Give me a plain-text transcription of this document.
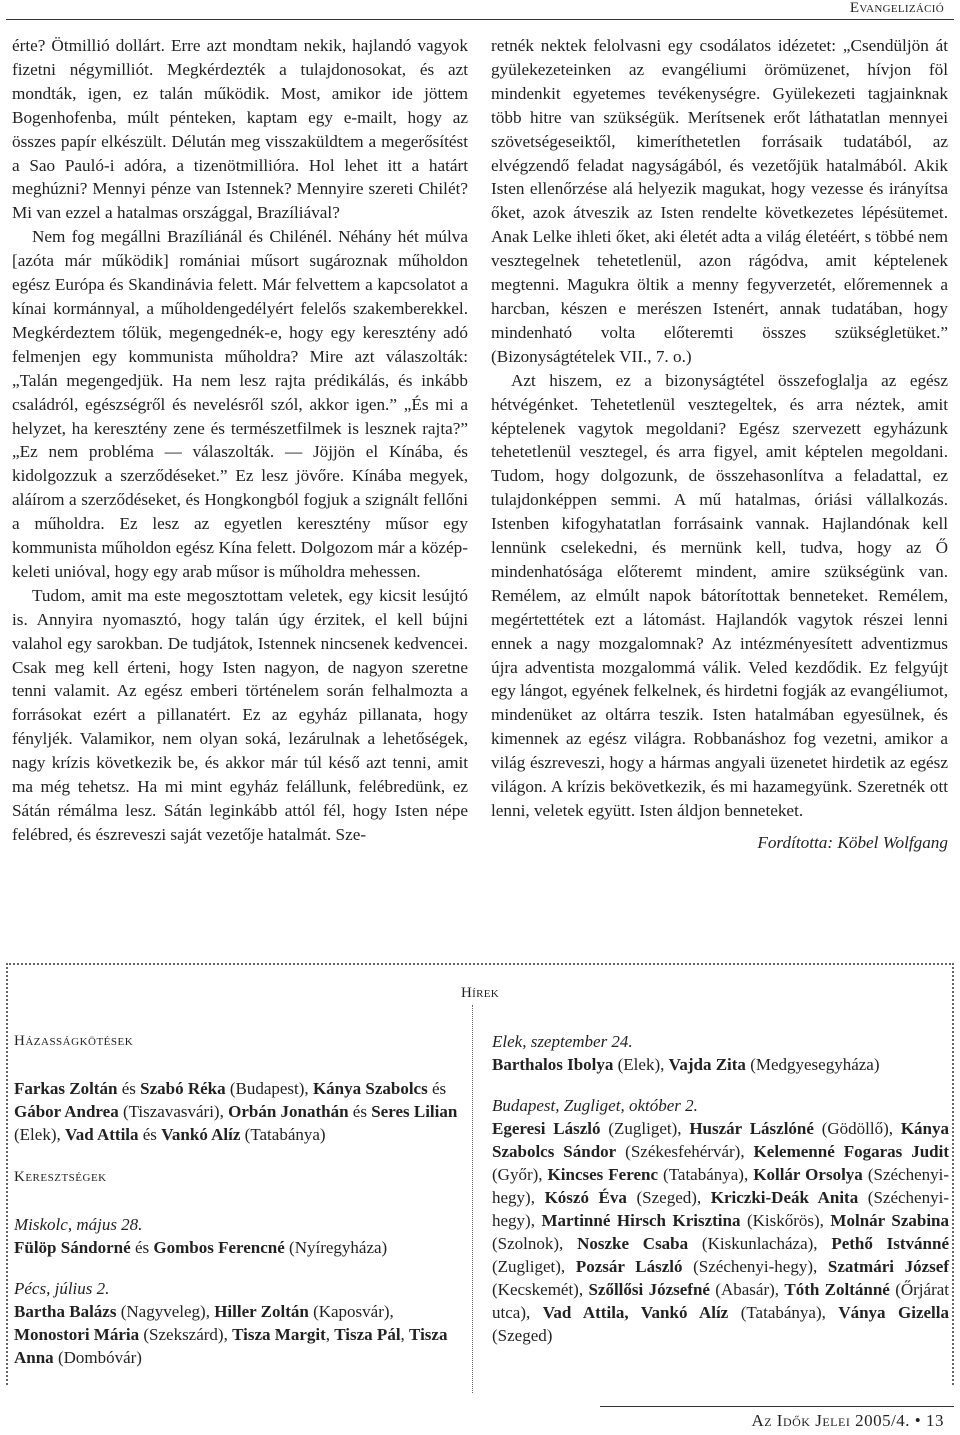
Evangelizáció

érte? Ötmillió dollárt. Erre azt mondtam nekik, hajlandó vagyok fizetni négymilliót. Megkérdezték a tulajdonosokat, és azt mondták, igen, ez talán működik. Most, amikor ide jöttem Bogenhofenba, múlt pénteken, kaptam egy e-mailt, hogy az összes papír elkészült. Délután meg visszaküldtem a megerősítést a Sao Pauló-i adóra, a tizenötmillióra. Hol lehet itt a határt meghúzni? Mennyi pénze van Istennek? Mennyire szereti Chilét? Mi van ezzel a hatalmas országgal, Brazíliával?

Nem fog megállni Brazíliánál és Chilénél. Néhány hét múlva [azóta már működik] romániai műsort sugároznak műholdon egész Európa és Skandinávia felett. Már felvettem a kapcsolatot a kínai kormánnyal, a műholdengedélyért felelős szakemberekkel. Megkérdeztem tőlük, megengednék-e, hogy egy keresztény adó felmenjen egy kommunista műholdra? Mire azt válaszolták: „Talán megengedjük. Ha nem lesz rajta prédikálás, és inkább családról, egészségről és nevelésről szól, akkor igen.” „És mi a helyzet, ha keresztény zene és természetfilmek is lesznek rajta?” „Ez nem probléma — válaszolták. — Jöjjön el Kínába, és kidolgozzuk a szerződéseket.” Ez lesz jövőre. Kínába megyek, aláírom a szerződéseket, és Hongkongból fogjuk a szignált fellőni a műholdra. Ez lesz az egyetlen keresztény műsor egy kommunista műholdon egész Kína felett. Dolgozom már a közép-keleti unióval, hogy egy arab műsor is műholdra mehessen.

Tudom, amit ma este megosztottam veletek, egy kicsit lesújtó is. Annyira nyomasztó, hogy talán úgy érzitek, el kell bújni valahol egy sarokban. De tudjátok, Istennek nincsenek kedvencei. Csak meg kell érteni, hogy Isten nagyon, de nagyon szeretne tenni valamit. Az egész emberi történelem során felhalmozta a forrásokat ezért a pillanatért. Ez az egyház pillanata, hogy fényljék. Valamikor, nem olyan soká, lezárulnak a lehetőségek, nagy krízis következik be, és akkor már túl késő azt tenni, amit ma még tehetsz. Ha mi mint egyház felállunk, felébredünk, ez Sátán rémálma lesz. Sátán leginkább attól fél, hogy Isten népe felébred, és észreveszi saját vezetője hatalmát. Sze-

retnék nektek felolvasni egy csodálatos idézetet: „Csendüljön át gyülekezeteinken az evangéliumi örömüzenet, hívjon föl mindenkit egyetemes tevékenységre. Gyülekezeti tagjainknak több hitre van szükségük. Merítsenek erőt láthatatlan mennyei szövetségeseiktől, kimeríthetetlen forrásaik tudatából, az elvégzendő feladat nagyságából, és vezetőjük hatalmából. Akik Isten ellenőrzése alá helyezik magukat, hogy vezesse és irányítsa őket, azok átveszik az Isten rendelte következetes lépésütemet. Anak Lelke ihleti őket, aki életét adta a világ életéért, s többé nem vesztegelnek tehetetlenül, azon rágódva, amit képtelenek megtenni. Magukra öltik a menny fegyverzetét, előremennek a harcban, készen e merészen Istenért, annak tudatában, hogy mindenható volta előteremti összes szükségletüket.” (Bizonyságtételek VII., 7. o.)

Azt hiszem, ez a bizonyságtétel összefoglalja az egész hétvégénket. Tehetetlenül vesztegeltek, és arra néztek, amit képtelenek vagytok megoldani? Egész szervezett egyházunk tehetetlenül vesztegel, és arra figyel, amit képtelen megoldani. Tudom, hogy dolgozunk, de összehasonlítva a feladattal, ez tulajdonképpen semmi. A mű hatalmas, óriási vállalkozás. Istenben kifogyhatatlan forrásaink vannak. Hajlandónak kell lennünk cselekedni, és mernünk kell, tudva, hogy az Ő mindenhatósága előteremt mindent, amire szükségünk van. Remélem, az elmúlt napok bátorítottak benneteket. Remélem, megértettétek ezt a látomást. Hajlandók vagytok részei lenni ennek a nagy mozgalomnak? Az intézményesített adventizmus újra adventista mozgalommá válik. Veled kezdődik. Ez felgyújt egy lángot, egyének felkelnek, és hirdetni fogják az evangéliumot, mindenüket az oltárra teszik. Isten hatalmában egyesülnek, és kimennek az egész világra. Robbanáshoz fog vezetni, amikor a világ észreveszi, hogy a hármas angyali üzenetet hirdetik az egész világon. A krízis bekövetkezik, és mi hazamegyünk. Szeretnék ott lenni, veletek együtt. Isten áldjon benneteket.

Fordította: Köbel Wolfgang

Hírek
Házasságkötések

Farkas Zoltán és Szabó Réka (Budapest), Kánya Szabolcs és Gábor Andrea (Tiszavasvári), Orbán Jonathán és Seres Lilian (Elek), Vad Attila és Vankó Alíz (Tatabánya)

Keresztségek

Miskolc, május 28.

Fülöp Sándorné és Gombos Ferencné (Nyíregyháza)

Pécs, július 2.

Bartha Balázs (Nagyveleg), Hiller Zoltán (Kaposvár), Monostori Mária (Szekszárd), Tisza Margit, Tisza Pál, Tisza Anna (Dombóvár)

Elek, szeptember 24.

Barthalos Ibolya (Elek), Vajda Zita (Medgyesegyháza)

Budapest, Zugliget, október 2.

Egeresi László (Zugliget), Huszár Lászlóné (Gödöllő), Kánya Szabolcs Sándor (Székesfehérvár), Kelemenné Fogaras Judit (Győr), Kincses Ferenc (Tatabánya), Kollár Orsolya (Széchenyi-hegy), Kószó Éva (Szeged), Kriczki-Deák Anita (Széchenyi-hegy), Martinné Hirsch Krisztina (Kiskőrös), Molnár Szabina (Szolnok), Noszke Csaba (Kiskunlacháza), Pethő Istvánné (Zugliget), Pozsár László (Széchenyi-hegy), Szatmári József (Kecskemét), Szőllősi Józsefné (Abasár), Tóth Zoltánné (Őrjárat utca), Vad Attila, Vankó Alíz (Tatabánya), Ványa Gizella (Szeged)

Az Idők Jelei 2005/4. • 13
